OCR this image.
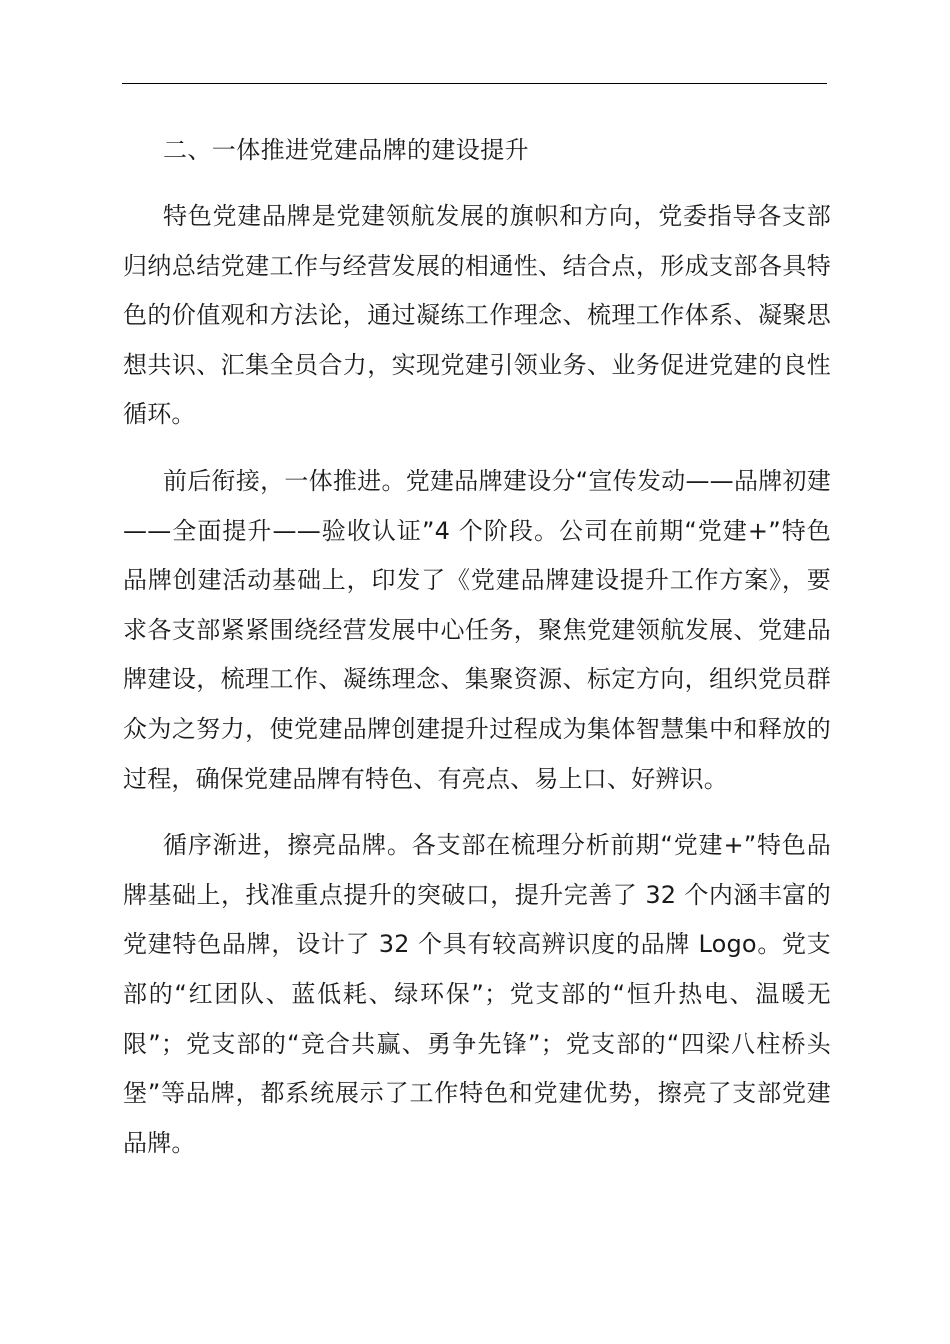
二、一体推进党建品牌的建设提升

特色党建品牌是党建领航发展的旗帜和方向，党委指导各支部归纳总结党建工作与经营发展的相通性、结合点，形成支部各具特色的价值观和方法论，通过凝练工作理念、梳理工作体系、凝聚思想共识、汇集全员合力，实现党建引领业务、业务促进党建的良性循环。

前后衔接，一体推进。党建品牌建设分“宣传发动——品牌初建——全面提升——验收认证”4 个阶段。公司在前期“党建+”特色品牌创建活动基础上，印发了《党建品牌建设提升工作方案》，要求各支部紧紧围绕经营发展中心任务，聚焦党建领航发展、党建品牌建设，梳理工作、凝练理念、集聚资源、标定方向，组织党员群众为之努力，使党建品牌创建提升过程成为集体智慧集中和释放的过程，确保党建品牌有特色、有亮点、易上口、好辨识。

循序渐进，擦亮品牌。各支部在梳理分析前期“党建+”特色品牌基础上，找准重点提升的突破口，提升完善了 32 个内涵丰富的党建特色品牌，设计了 32 个具有较高辨识度的品牌 Logo。党支部的“红团队、蓝低耗、绿环保”；党支部的“恒升热电、温暖无限”；党支部的“竞合共赢、勇争先锋”；党支部的“四梁八柱桥头堡”等品牌，都系统展示了工作特色和党建优势，擦亮了支部党建品牌。
